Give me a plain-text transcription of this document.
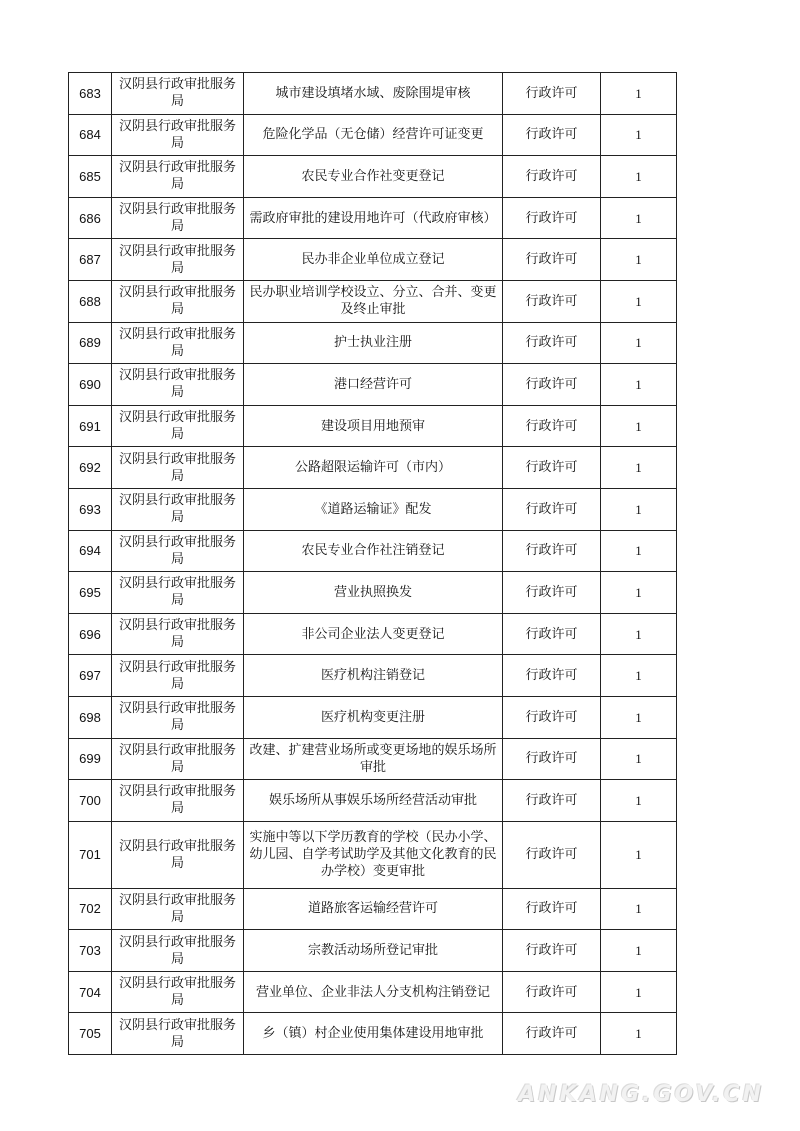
683	汉阴县行政审批服务局	城市建设填堵水域、废除围堤审核	行政许可	1
684	汉阴县行政审批服务局	危险化学品（无仓储）经营许可证变更	行政许可	1
685	汉阴县行政审批服务局	农民专业合作社变更登记	行政许可	1
686	汉阴县行政审批服务局	需政府审批的建设用地许可（代政府审核）	行政许可	1
687	汉阴县行政审批服务局	民办非企业单位成立登记	行政许可	1
688	汉阴县行政审批服务局	民办职业培训学校设立、分立、合并、变更及终止审批	行政许可	1
689	汉阴县行政审批服务局	护士执业注册	行政许可	1
690	汉阴县行政审批服务局	港口经营许可	行政许可	1
691	汉阴县行政审批服务局	建设项目用地预审	行政许可	1
692	汉阴县行政审批服务局	公路超限运输许可（市内）	行政许可	1
693	汉阴县行政审批服务局	《道路运输证》配发	行政许可	1
694	汉阴县行政审批服务局	农民专业合作社注销登记	行政许可	1
695	汉阴县行政审批服务局	营业执照换发	行政许可	1
696	汉阴县行政审批服务局	非公司企业法人变更登记	行政许可	1
697	汉阴县行政审批服务局	医疗机构注销登记	行政许可	1
698	汉阴县行政审批服务局	医疗机构变更注册	行政许可	1
699	汉阴县行政审批服务局	改建、扩建营业场所或变更场地的娱乐场所审批	行政许可	1
700	汉阴县行政审批服务局	娱乐场所从事娱乐场所经营活动审批	行政许可	1
701	汉阴县行政审批服务局	实施中等以下学历教育的学校（民办小学、幼儿园、自学考试助学及其他文化教育的民办学校）变更审批	行政许可	1
702	汉阴县行政审批服务局	道路旅客运输经营许可	行政许可	1
703	汉阴县行政审批服务局	宗教活动场所登记审批	行政许可	1
704	汉阴县行政审批服务局	营业单位、企业非法人分支机构注销登记	行政许可	1
705	汉阴县行政审批服务局	乡（镇）村企业使用集体建设用地审批	行政许可	1
ANKANG.GOV.CN
